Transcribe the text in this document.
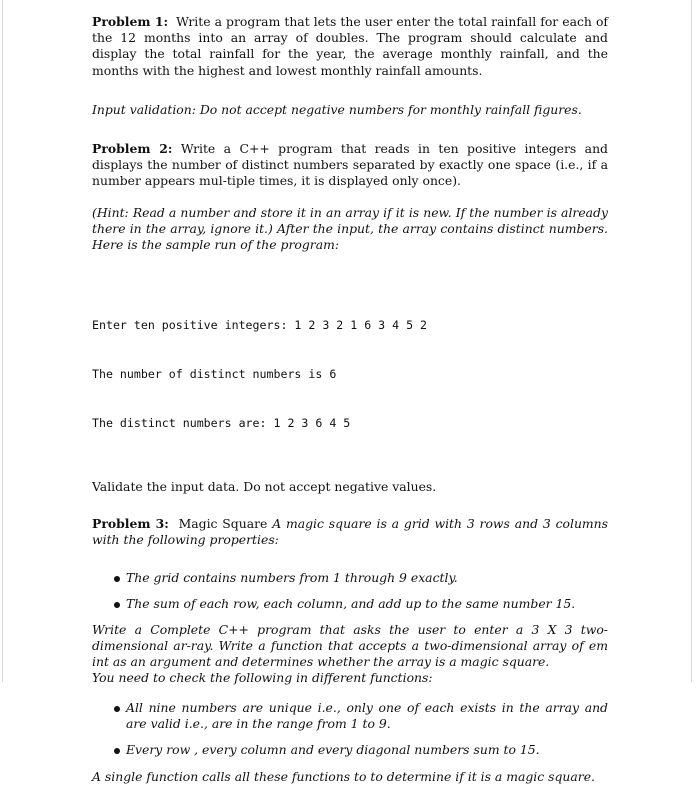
Problem 1: Write a program that lets the user enter the total rainfall for each of the 12 months into an array of doubles. The program should calculate and display the total rainfall for the year, the average monthly rainfall, and the months with the highest and lowest monthly rainfall amounts.

Input validation: Do not accept negative numbers for monthly rainfall figures.

Problem 2: Write a C++ program that reads in ten positive integers and displays the number of distinct numbers separated by exactly one space (i.e., if a number appears mul-tiple times, it is displayed only once).

(Hint: Read a number and store it in an array if it is new. If the number is already there in the array, ignore it.) After the input, the array contains distinct numbers. Here is the sample run of the program:

Enter ten positive integers: 1 2 3 2 1 6 3 4 5 2

The number of distinct numbers is 6

The distinct numbers are: 1 2 3 6 4 5

Validate the input data. Do not accept negative values.

Problem 3: Magic Square A magic square is a grid with 3 rows and 3 columns with the following properties:

The grid contains numbers from 1 through 9 exactly.
The sum of each row, each column, and add up to the same number 15.

Write a Complete C++ program that asks the user to enter a 3 X 3 two-dimensional ar-ray. Write a function that accepts a two-dimensional array of em int as an argument and determines whether the array is a magic square.

You need to check the following in different functions:

All nine numbers are unique i.e., only one of each exists in the array and are valid i.e., are in the range from 1 to 9.
Every row , every column and every diagonal numbers sum to 15.

A single function calls all these functions to to determine if it is a magic square.
